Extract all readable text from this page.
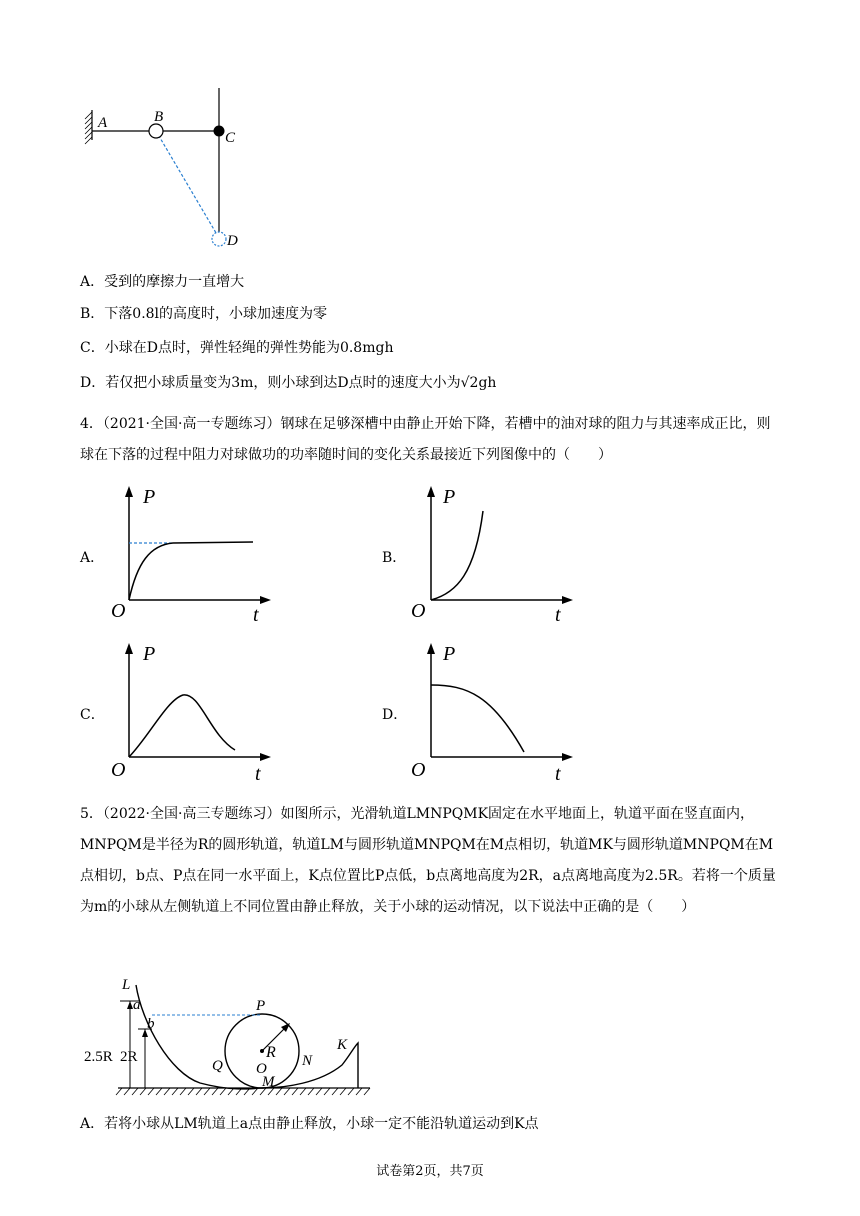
A	B
C
D
A．受到的摩擦力一直增大
B．下落0.8l的高度时，小球加速度为零
C．小球在D点时，弹性轻绳的弹性势能为0.8mgh
D．若仅把小球质量变为3m，则小球到达D点时的速度大小为√2gh
4．（2021·全国·高一专题练习）钢球在足够深槽中由静止开始下降，若槽中的油对球的阻力与其速率成正比，则球在下落的过程中阻力对球做功的功率随时间的变化关系最接近下列图像中的（　　）
A．
P
O	t
B．
P
O	t
C．
P
O	t
D．
P
O	t
5．（2022·全国·高三专题练习）如图所示，光滑轨道LMNPQMK固定在水平地面上，轨道平面在竖直面内，MNPQM是半径为R的圆形轨道，轨道LM与圆形轨道MNPQM在M点相切，轨道MK与圆形轨道MNPQM在M点相切，b点、P点在同一水平面上，K点位置比P点低，b点离地高度为2R，a点离地高度为2.5R。若将一个质量为m的小球从左侧轨道上不同位置由静止释放，关于小球的运动情况，以下说法中正确的是（　　）
L
a
b
P
Q
R
O N
M
K
2.5R 2R
A．若将小球从LM轨道上a点由静止释放，小球一定不能沿轨道运动到K点
试卷第2页，共7页
